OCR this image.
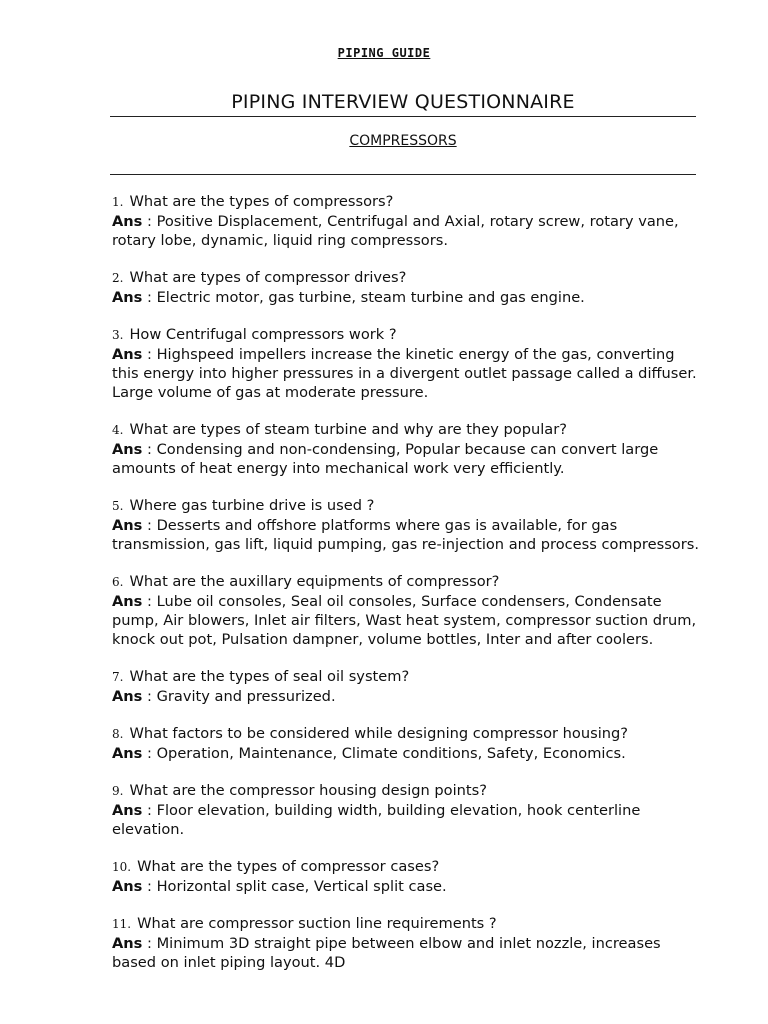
PIPING GUIDE
PIPING INTERVIEW QUESTIONNAIRE
COMPRESSORS
1. What are the types of compressors?
Ans : Positive Displacement, Centrifugal and Axial, rotary screw, rotary vane, rotary lobe, dynamic, liquid ring compressors.
2. What are types of compressor drives?
Ans : Electric motor, gas turbine, steam turbine and gas engine.
3. How Centrifugal compressors work ?
Ans : Highspeed impellers increase the kinetic energy of the gas, converting this energy into higher pressures in a divergent outlet passage called a diffuser. Large volume of gas at moderate pressure.
4. What are types of steam turbine and why are they popular?
Ans : Condensing and non-condensing, Popular because can convert large amounts of heat energy into mechanical work very efficiently.
5. Where gas turbine drive is used ?
Ans : Desserts and offshore platforms where gas is available, for gas transmission, gas lift, liquid pumping, gas re-injection and process compressors.
6. What are the auxillary equipments of compressor?
Ans : Lube oil consoles, Seal oil consoles, Surface condensers, Condensate pump, Air blowers, Inlet air filters, Wast heat system, compressor suction drum, knock out pot, Pulsation dampner, volume bottles, Inter and after coolers.
7. What are the types of seal oil system?
Ans : Gravity and pressurized.
8. What factors to be considered while designing compressor housing?
Ans : Operation, Maintenance, Climate conditions, Safety, Economics.
9. What are the compressor housing design points?
Ans : Floor elevation, building width, building elevation, hook centerline elevation.
10. What are the types of compressor cases?
Ans : Horizontal split case, Vertical split case.
11. What are compressor suction line requirements ?
Ans : Minimum 3D straight pipe between elbow and inlet nozzle, increases based on inlet piping layout. 4D
